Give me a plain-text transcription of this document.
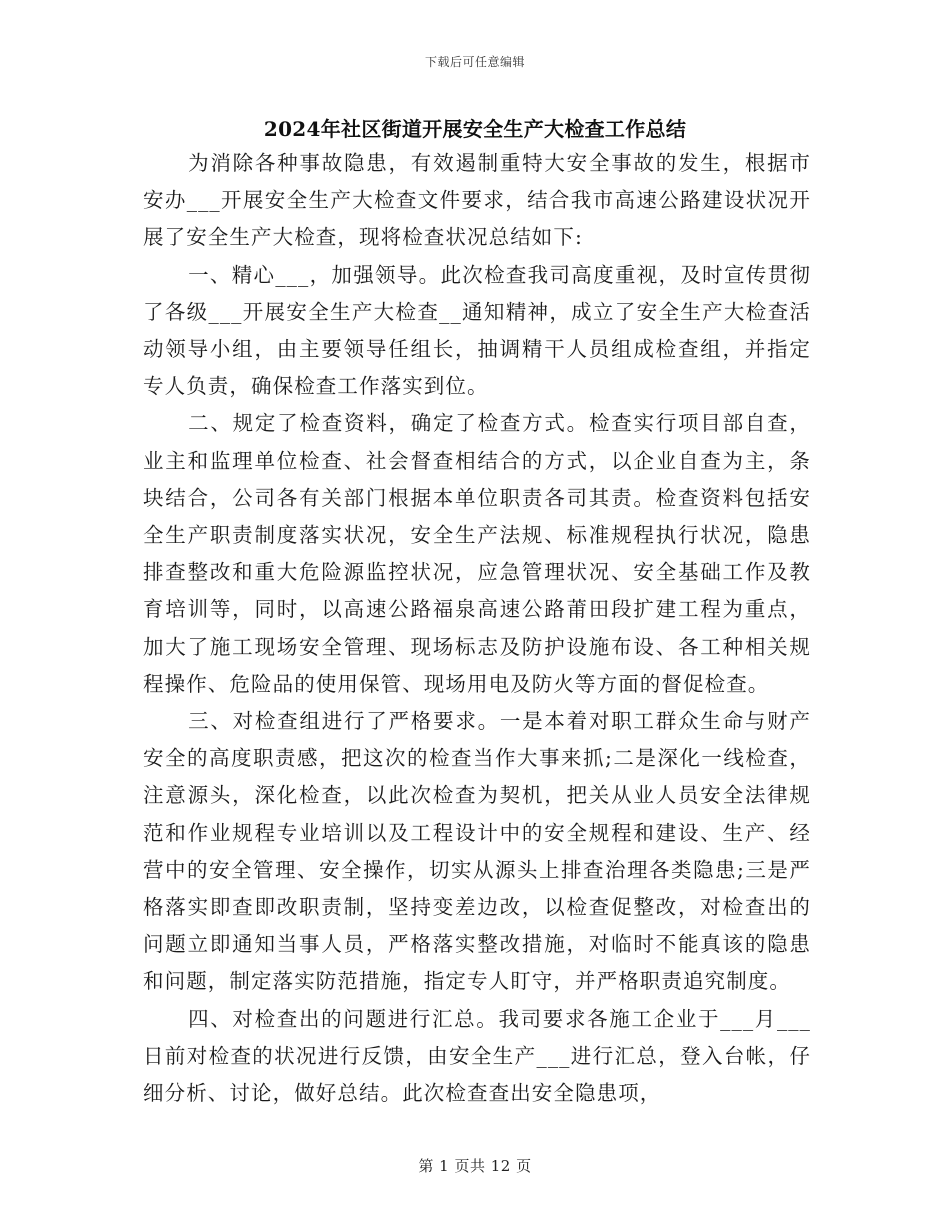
下载后可任意编辑
2024年社区街道开展安全生产大检查工作总结

为消除各种事故隐患，有效遏制重特大安全事故的发生，根据市安办___开展安全生产大检查文件要求，结合我市高速公路建设状况开展了安全生产大检查，现将检查状况总结如下:

一、精心___，加强领导。此次检查我司高度重视，及时宣传贯彻了各级___开展安全生产大检查__通知精神，成立了安全生产大检查活动领导小组，由主要领导任组长，抽调精干人员组成检查组，并指定专人负责，确保检查工作落实到位。

二、规定了检查资料，确定了检查方式。检查实行项目部自查，业主和监理单位检查、社会督查相结合的方式，以企业自查为主，条块结合，公司各有关部门根据本单位职责各司其责。检查资料包括安全生产职责制度落实状况，安全生产法规、标准规程执行状况，隐患排查整改和重大危险源监控状况，应急管理状况、安全基础工作及教育培训等，同时，以高速公路福泉高速公路莆田段扩建工程为重点，加大了施工现场安全管理、现场标志及防护设施布设、各工种相关规程操作、危险品的使用保管、现场用电及防火等方面的督促检查。

三、对检查组进行了严格要求。一是本着对职工群众生命与财产安全的高度职责感，把这次的检查当作大事来抓;二是深化一线检查，注意源头，深化检查，以此次检查为契机，把关从业人员安全法律规范和作业规程专业培训以及工程设计中的安全规程和建设、生产、经营中的安全管理、安全操作，切实从源头上排查治理各类隐患;三是严格落实即查即改职责制，坚持变差边改，以检查促整改，对检查出的问题立即通知当事人员，严格落实整改措施，对临时不能真该的隐患和问题，制定落实防范措施，指定专人盯守，并严格职责追究制度。

四、对检查出的问题进行汇总。我司要求各施工企业于___月___日前对检查的状况进行反馈，由安全生产___进行汇总，登入台帐，仔细分析、讨论，做好总结。此次检查查出安全隐患项，

第 1 页共 12 页
